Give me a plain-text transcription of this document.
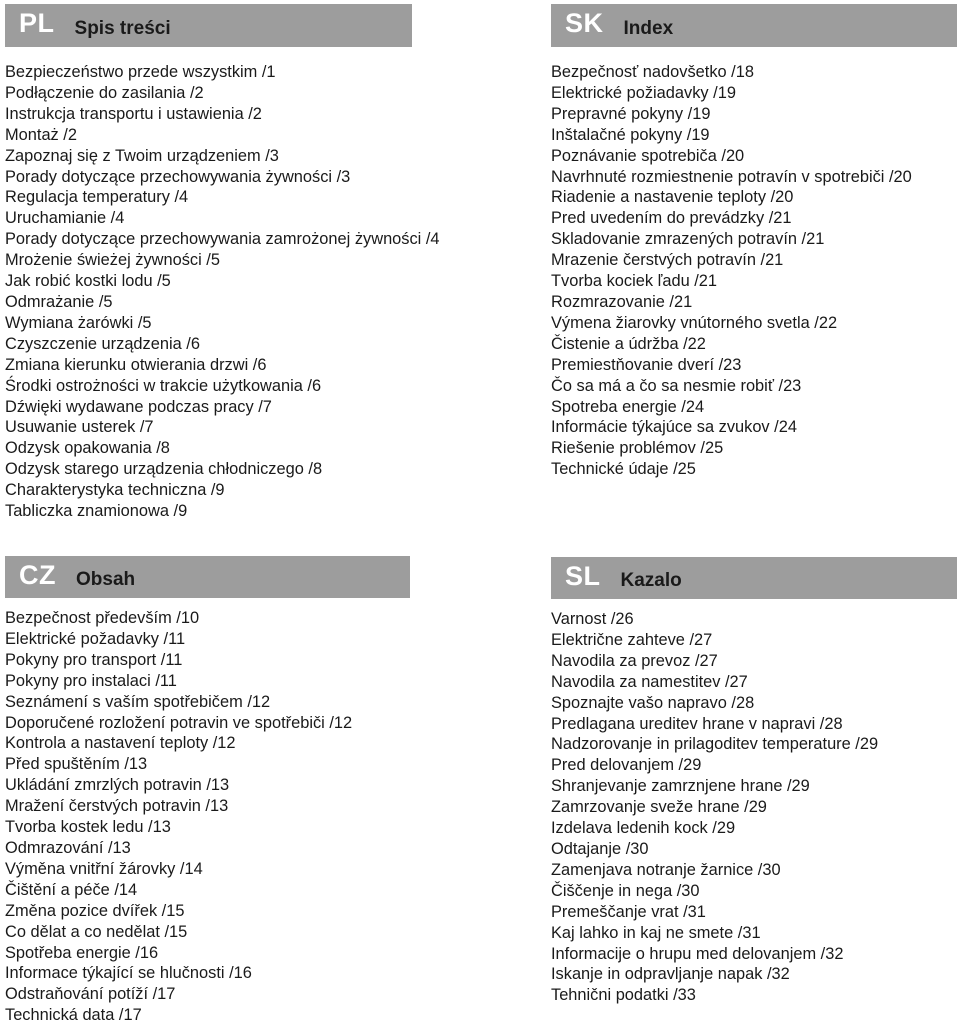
PL Spis treści
Bezpieczeństwo przede wszystkim /1
Podłączenie do zasilania /2
Instrukcja transportu i ustawienia /2
Montaż /2
Zapoznaj się z Twoim urządzeniem /3
Porady dotyczące przechowywania żywności /3
Regulacja temperatury /4
Uruchamianie /4
Porady dotyczące przechowywania zamrożonej żywności /4
Mrożenie świeżej żywności /5
Jak robić kostki lodu /5
Odmrażanie /5
Wymiana żarówki /5
Czyszczenie urządzenia /6
Zmiana kierunku otwierania drzwi /6
Środki ostrożności w trakcie użytkowania /6
Dźwięki wydawane podczas pracy /7
Usuwanie usterek /7
Odzysk opakowania /8
Odzysk starego urządzenia chłodniczego /8
Charakterystyka techniczna /9
Tabliczka znamionowa /9
SK Index
Bezpečnosť nadovšetko /18
Elektrické požiadavky /19
Prepravné pokyny /19
Inštalačné pokyny /19
Poznávanie spotrebiča /20
Navrhnuté rozmiestnenie potravín v spotrebiči /20
Riadenie a nastavenie teploty /20
Pred uvedením do prevádzky /21
Skladovanie zmrazených potravín /21
Mrazenie čerstvých potravín /21
Tvorba kociek ľadu /21
Rozmrazovanie /21
Výmena žiarovky vnútorného svetla /22
Čistenie a údržba /22
Premiestňovanie dverí /23
Čo sa má a čo sa nesmie robiť /23
Spotreba energie /24
Informácie týkajúce sa zvukov /24
Riešenie problémov /25
Technické údaje /25
CZ Obsah
Bezpečnost především /10
Elektrické požadavky /11
Pokyny pro transport /11
Pokyny pro instalaci /11
Seznámení s vaším spotřebičem /12
Doporučené rozložení potravin ve spotřebiči /12
Kontrola a nastavení teploty /12
Před spuštěním /13
Ukládání zmrzlých potravin /13
Mražení čerstvých potravin /13
Tvorba kostek ledu /13
Odmrazování /13
Výměna vnitřní žárovky /14
Čištění a péče /14
Změna pozice dvířek /15
Co dělat a co nedělat /15
Spotřeba energie /16
Informace týkající se hlučnosti /16
Odstraňování potíží /17
Technická data /17
SL Kazalo
Varnost /26
Električne zahteve /27
Navodila za prevoz /27
Navodila za namestitev /27
Spoznajte vašo napravo /28
Predlagana ureditev hrane v napravi /28
Nadzorovanje in prilagoditev temperature /29
Pred delovanjem /29
Shranjevanje zamrznjene hrane /29
Zamrzovanje sveže hrane /29
Izdelava ledenih kock /29
Odtajanje /30
Zamenjava notranje žarnice /30
Čiščenje in nega /30
Premeščanje vrat /31
Kaj lahko in kaj ne smete /31
Informacije o hrupu med delovanjem /32
Iskanje in odpravljanje napak /32
Tehnični podatki /33
